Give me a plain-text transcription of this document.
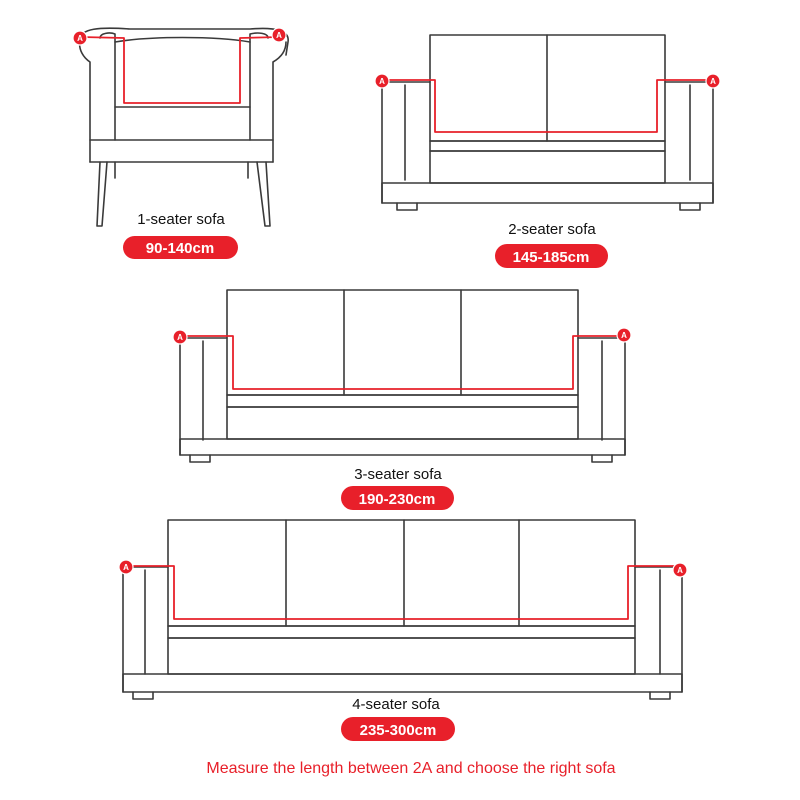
A	A
1-seater sofa
90-140cm
A	A
2-seater sofa
145-185cm
A	A
3-seater sofa
190-230cm
A	A
4-seater sofa
235-300cm
Measure the length between 2A and choose the right sofa
